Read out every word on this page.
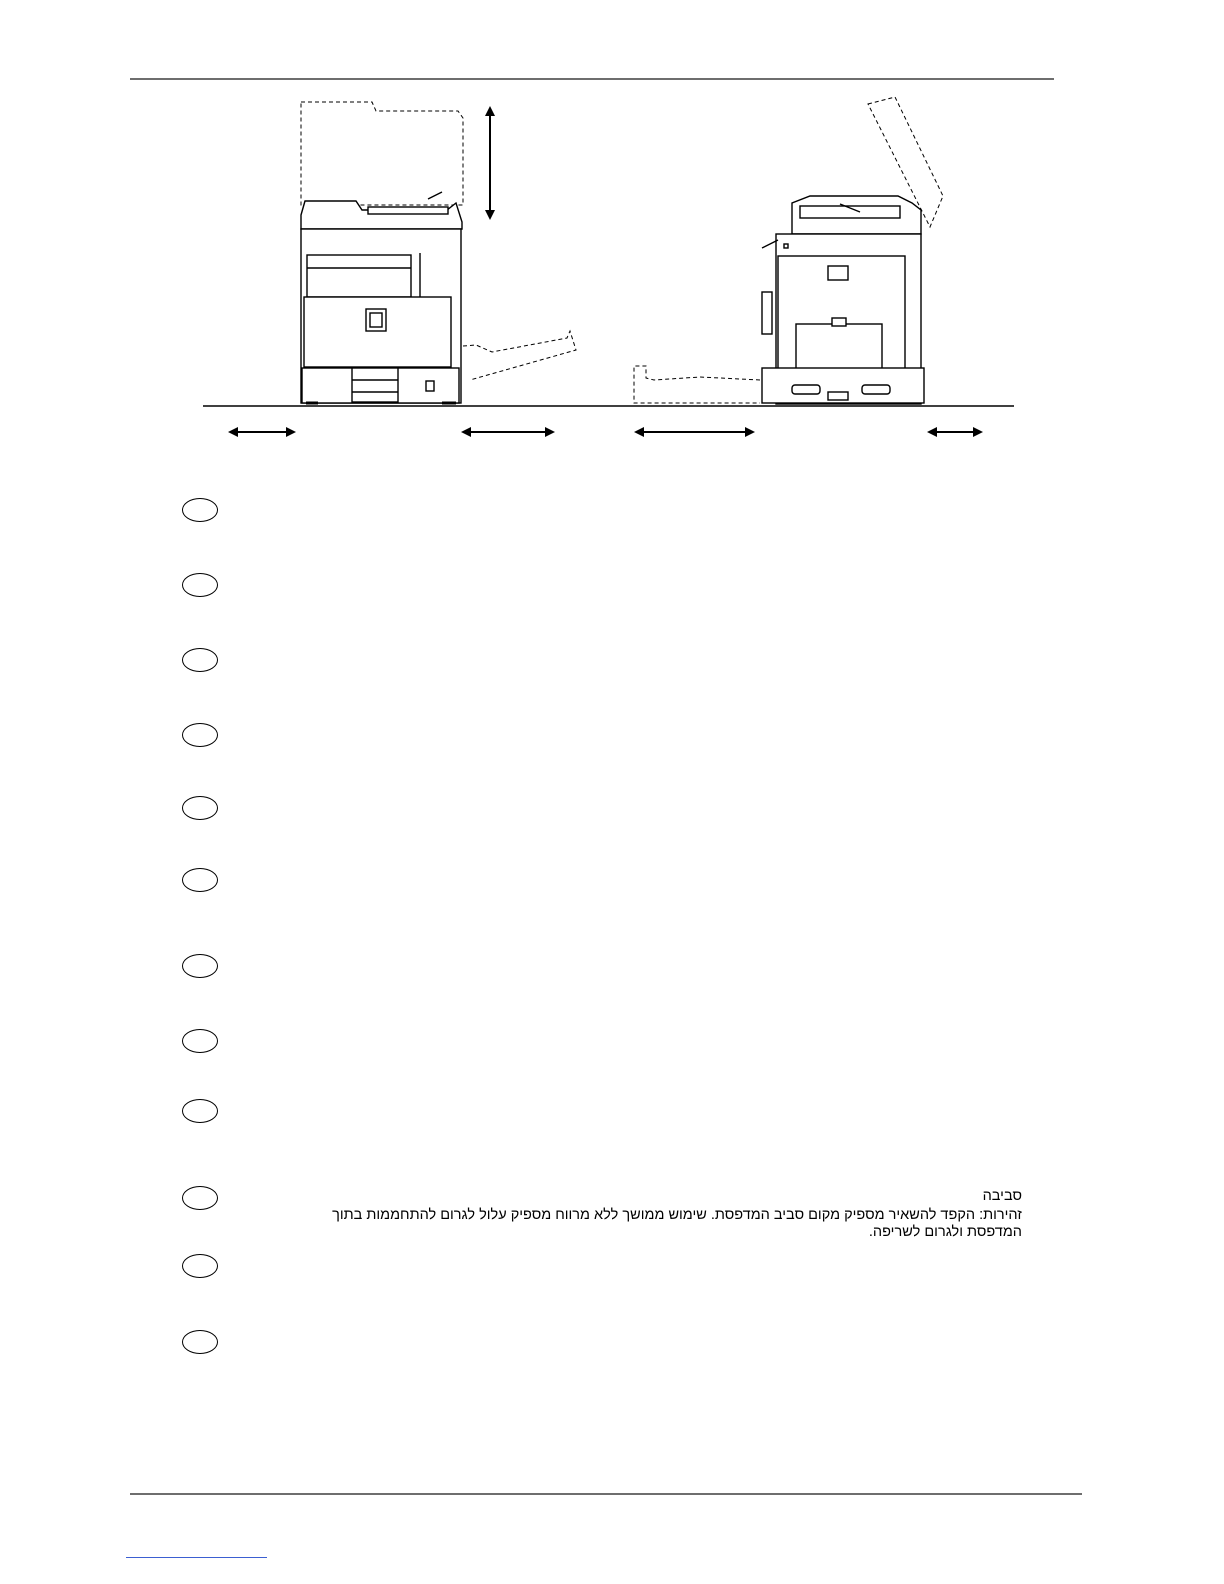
סביבה
זהירות: הקפד להשאיר מספיק מקום סביב המדפסת. שימוש ממושך ללא מרווח מספיק עלול לגרום להתחממות בתוך המדפסת ולגרום לשריפה.
